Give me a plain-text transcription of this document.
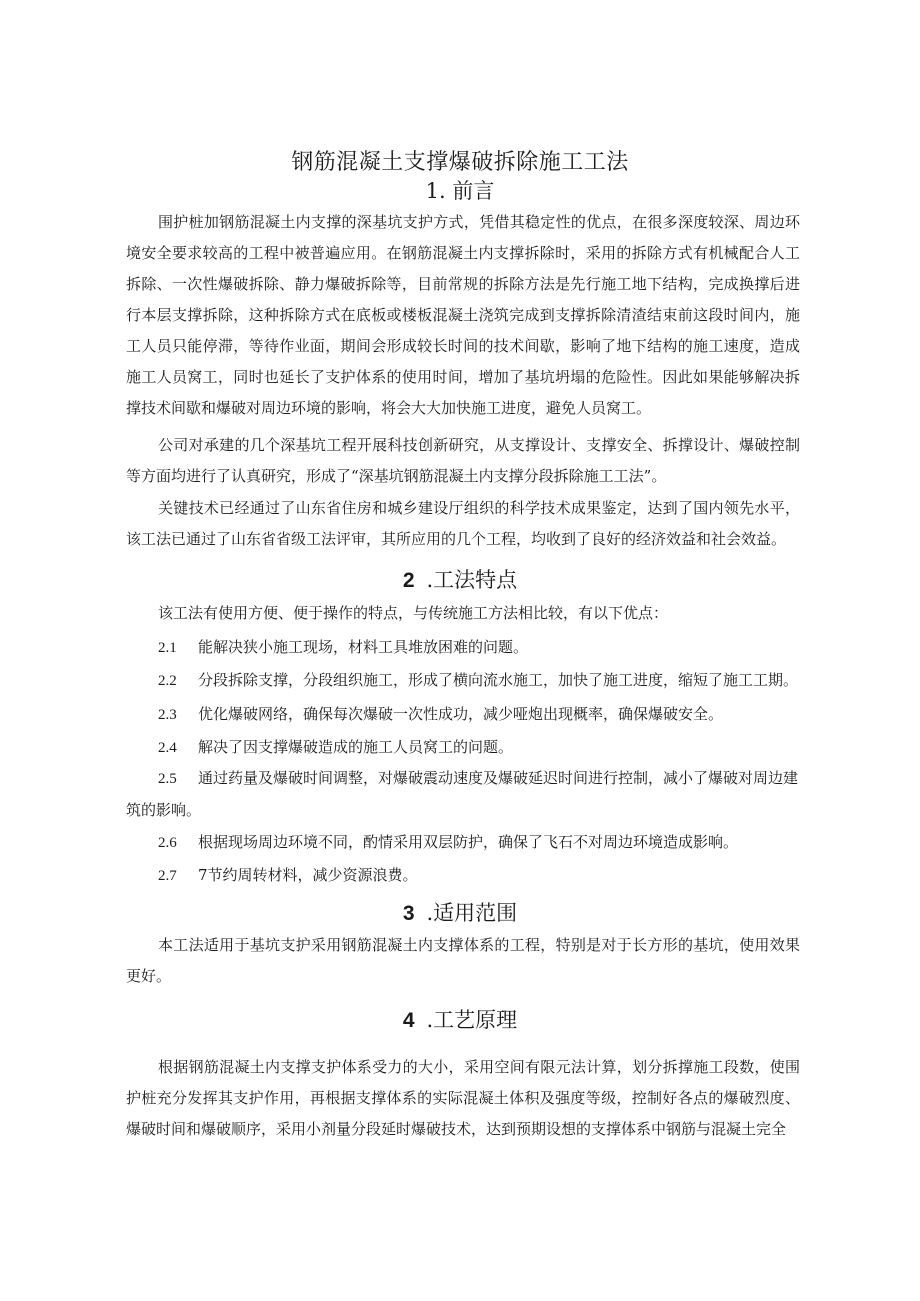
钢筋混凝土支撑爆破拆除施工工法
1. 前言

围护桩加钢筋混凝土内支撑的深基坑支护方式，凭借其稳定性的优点，在很多深度较深、周边环境安全要求较高的工程中被普遍应用。在钢筋混凝土内支撑拆除时，采用的拆除方式有机械配合人工拆除、一次性爆破拆除、静力爆破拆除等，目前常规的拆除方法是先行施工地下结构，完成换撑后进行本层支撑拆除，这种拆除方式在底板或楼板混凝土浇筑完成到支撑拆除清渣结束前这段时间内，施工人员只能停滞，等待作业面，期间会形成较长时间的技术间歇，影响了地下结构的施工速度，造成施工人员窝工，同时也延长了支护体系的使用时间，增加了基坑坍塌的危险性。因此如果能够解决拆撑技术间歇和爆破对周边环境的影响，将会大大加快施工进度，避免人员窝工。

公司对承建的几个深基坑工程开展科技创新研究，从支撑设计、支撑安全、拆撑设计、爆破控制等方面均进行了认真研究，形成了“深基坑钢筋混凝土内支撑分段拆除施工工法”。

关键技术已经通过了山东省住房和城乡建设厅组织的科学技术成果鉴定，达到了国内领先水平，该工法已通过了山东省省级工法评审，其所应用的几个工程，均收到了良好的经济效益和社会效益。

2 .工法特点

该工法有使用方便、便于操作的特点，与传统施工方法相比较，有以下优点：

2.1 能解决狭小施工现场，材料工具堆放困难的问题。

2.2 分段拆除支撑，分段组织施工，形成了横向流水施工，加快了施工进度，缩短了施工工期。

2.3 优化爆破网络，确保每次爆破一次性成功，减少哑炮出现概率，确保爆破安全。

2.4 解决了因支撑爆破造成的施工人员窝工的问题。

2.5 通过药量及爆破时间调整，对爆破震动速度及爆破延迟时间进行控制，减小了爆破对周边建筑的影响。

2.6 根据现场周边环境不同，酌情采用双层防护，确保了飞石不对周边环境造成影响。

2.7 7节约周转材料，减少资源浪费。

3 .适用范围

本工法适用于基坑支护采用钢筋混凝土内支撑体系的工程，特别是对于长方形的基坑，使用效果更好。

4 .工艺原理

根据钢筋混凝土内支撑支护体系受力的大小，采用空间有限元法计算，划分拆撑施工段数，使围护桩充分发挥其支护作用，再根据支撑体系的实际混凝土体积及强度等级，控制好各点的爆破烈度、爆破时间和爆破顺序，采用小剂量分段延时爆破技术，达到预期设想的支撑体系中钢筋与混凝土完全
